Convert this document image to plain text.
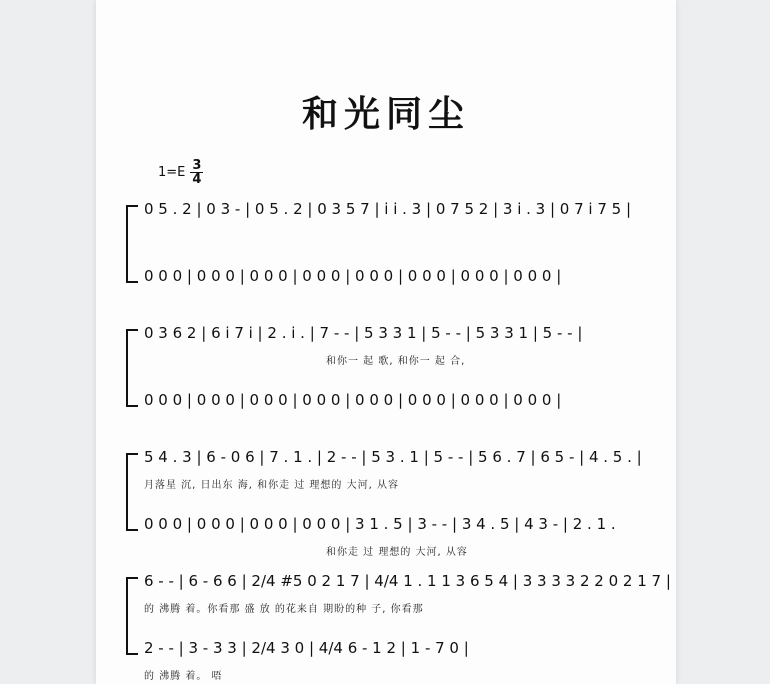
和光同尘
$1=E \frac{3}{4}$
0 5 . 2 | 0 3 - | 0 5 . 2 | 0 3 5 7 | i i . 3 | 0 7 5 2 | 3 i . 3 | 0 7 i 7 5 |
0 0 0 | 0 0 0 | 0 0 0 | 0 0 0 | 0 0 0 | 0 0 0 | 0 0 0 | 0 0 0 |
0 3 6 2 | 6 i 7 i | 2 . i . | 7 - - | 5 3 3 1 | 5 - - | 5 3 3 1 | 5 - - |
和你一 起 歌, 和你一 起 合,
0 0 0 | 0 0 0 | 0 0 0 | 0 0 0 | 0 0 0 | 0 0 0 | 0 0 0 | 0 0 0 |
5 4 . 3 | 6 - 0 6 | 7 . 1 . | 2 - - | 5 3 . 1 | 5 - - | 5 6 . 7 | 6 5 - | 4 . 5 . |
月落星 沉, 日出东 海, 和你走 过 理想的 大河, 从容
0 0 0 | 0 0 0 | 0 0 0 | 0 0 0 | 3 1 . 5 | 3 - - | 3 4 . 5 | 4 3 - | 2 . 1 .
和你走 过 理想的 大河, 从容
6 - - | 6 - 6 6 | 2/4 #5 0 2 1 7 | 4/4 1 . 1 1 3 6 5 4 | 3 3 3 3 2 2 0 2 1 7 |
的 沸腾 着。你看那 盛 放 的花来自 期盼的种 子, 你看那
2 - - | 3 - 3 3 | 2/4 3 0 | 4/4 6 - 1 2 | 1 - 7 0 |
的 沸腾 着。 唔
